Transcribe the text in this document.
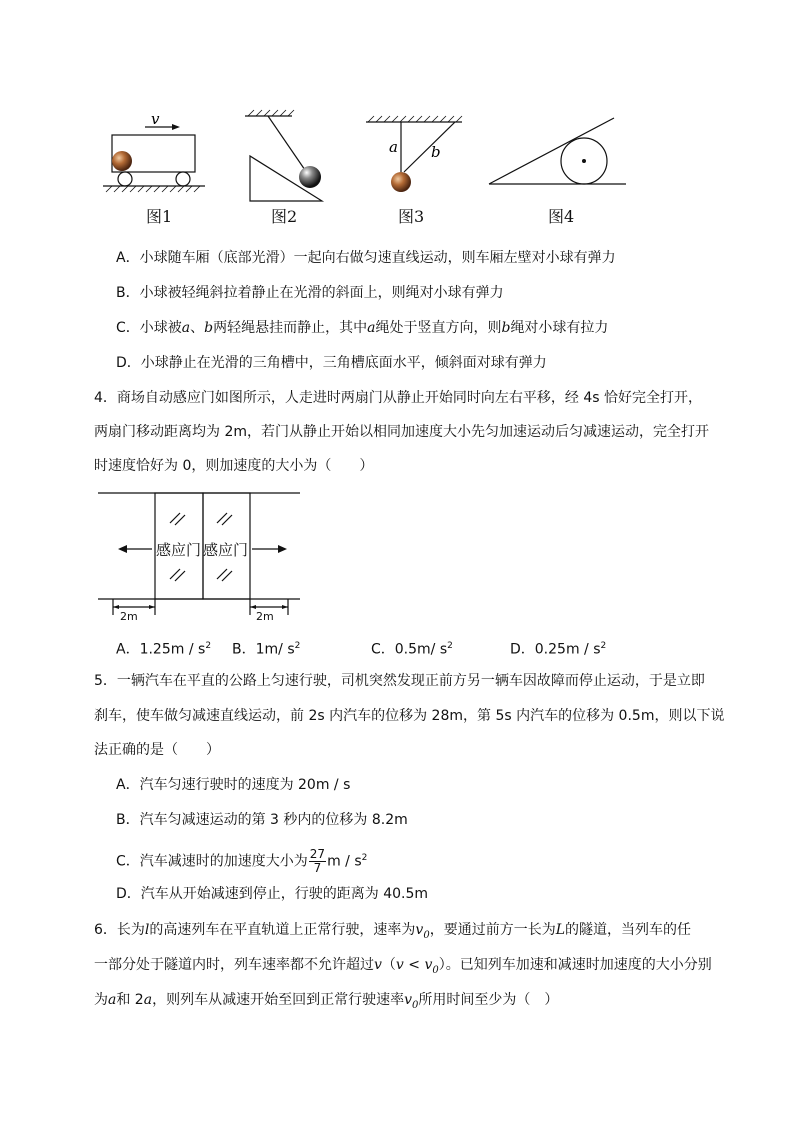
v
a b
图1	图2	图3	图4
A．小球随车厢（底部光滑）一起向右做匀速直线运动，则车厢左壁对小球有弹力
B．小球被轻绳斜拉着静止在光滑的斜面上，则绳对小球有弹力
C．小球被a、b两轻绳悬挂而静止，其中a绳处于竖直方向，则b绳对小球有拉力
D．小球静止在光滑的三角槽中，三角槽底面水平，倾斜面对球有弹力
4．商场自动感应门如图所示，人走进时两扇门从静止开始同时向左右平移，经 4s 恰好完全打开，
两扇门移动距离均为 2m，若门从静止开始以相同加速度大小先匀加速运动后匀减速运动，完全打开
时速度恰好为 0，则加速度的大小为（　　）
感应门 感应门
2m	2m
A．$1.25m / s^2$ B．1m/ $s^2$	C．0.5m/ $s^2$	D．$0.25m / s^2$
5．一辆汽车在平直的公路上匀速行驶，司机突然发现正前方另一辆车因故障而停止运动，于是立即
刹车，使车做匀减速直线运动，前 2s 内汽车的位移为 28m，第 5s 内汽车的位移为 0.5m，则以下说
法正确的是（　　）
A．汽车匀速行驶时的速度为 20m / s
B．汽车匀减速运动的第 3 秒内的位移为 8.2m
C．汽车减速时的加速度大小为 $\frac{27}{7}$ m / $s^2$
D．汽车从开始减速到停止，行驶的距离为 40.5m
6．长为l的高速列车在平直轨道上正常行驶，速率为$v_0$，要通过前方一长为L的隧道，当列车的任
一部分处于隧道内时，列车速率都不允许超过$v(v < v_0)$。已知列车加速和减速时加速度的大小分别
为a和 2a，则列车从减速开始至回到正常行驶速率$v_0$所用时间至少为（　）
